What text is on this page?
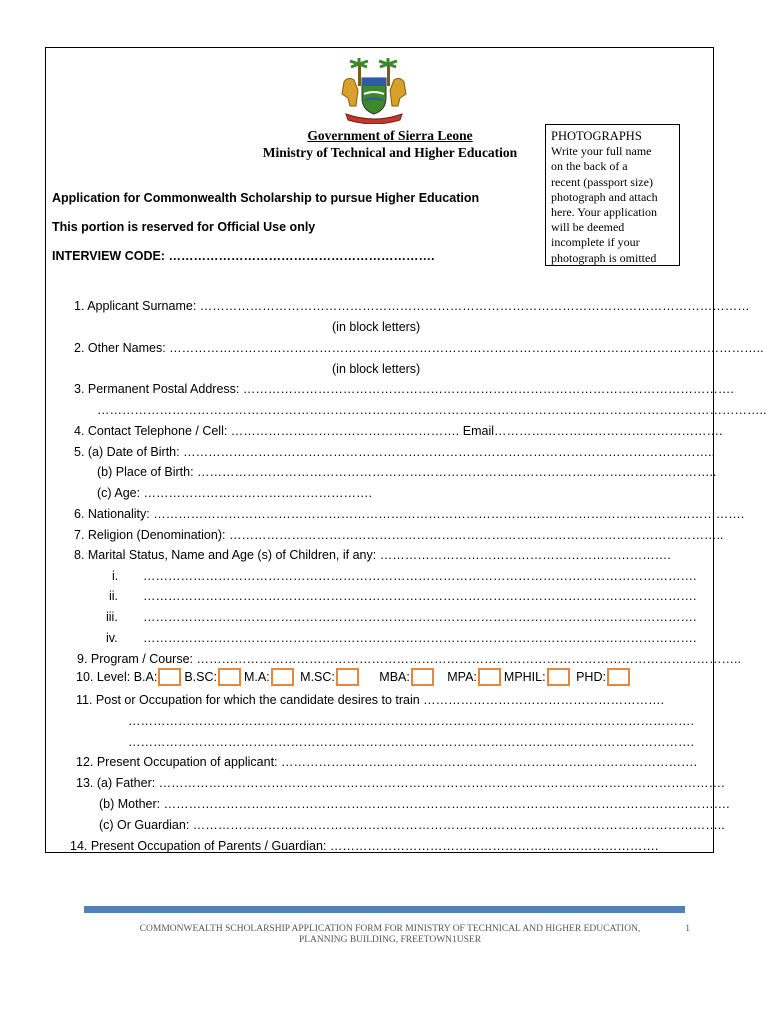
Government of Sierra Leone
Ministry of Technical and Higher Education
PHOTOGRAPHS
Write your full name
on the back of a
recent (passport size)
photograph and attach
here. Your application
will be deemed
incomplete if your
photograph is omitted
Application for Commonwealth Scholarship to pursue Higher Education
This portion is reserved for Official Use only
INTERVIEW CODE: ……………………………………………………….
1. Applicant Surname: ……………………………………………………………………………………………………………………
(in block letters)
2. Other Names: ……………………………………………………………………………………………………………………………..
(in block letters)
3. Permanent Postal Address: ……………………………………………………………………………………………………….
……………………………………………………………………………………………………………………………………………..
4. Contact Telephone / Cell: ………………………………………………. Email……………………………………………….
5. (a) Date of Birth: ………………………………………………………………………………………………………………..
(b) Place of Birth: ……………………………………………………………………………………………………………..
(c) Age: ……………………………………………….
6. Nationality: …………………………………………………………………………………………………………………………….
7. Religion (Denomination): ………………………………………………………………………………………………………..
8. Marital Status, Name and Age (s) of Children, if any: …………………………………………………………….
i. …………………………………………………………………………………………………………………….
ii. …………………………………………………………………………………………………………………….
iii. …………………………………………………………………………………………………………………….
iv. …………………………………………………………………………………………………………………….
9. Program / Course: …………………………………………………………………………………………………………………..
10. Level: B.A: B.SC: M.A: M.SC:	MBA:	MPA: MPHIL: PHD:
11. Post or Occupation for which the candidate desires to train ………………………………………………….
……………………………………………………………………………………………………………………….
……………………………………………………………………………………………………………………….
12. Present Occupation of applicant: ……………………………………………………………………………………….
13. (a) Father: ……………………………………………………………………………………………………………………….
(b) Mother: ……………………………………………………………………………………………………………………….
(c) Or Guardian: ………………………………………………………………………………………………………………..
14. Present Occupation of Parents / Guardian: …………………………………………………………………….
COMMONWEALTH SCHOLARSHIP APPLICATION FORM FOR MINISTRY OF TECHNICAL AND HIGHER EDUCATION,
PLANNING BUILDING, FREETOWN1USER
1
